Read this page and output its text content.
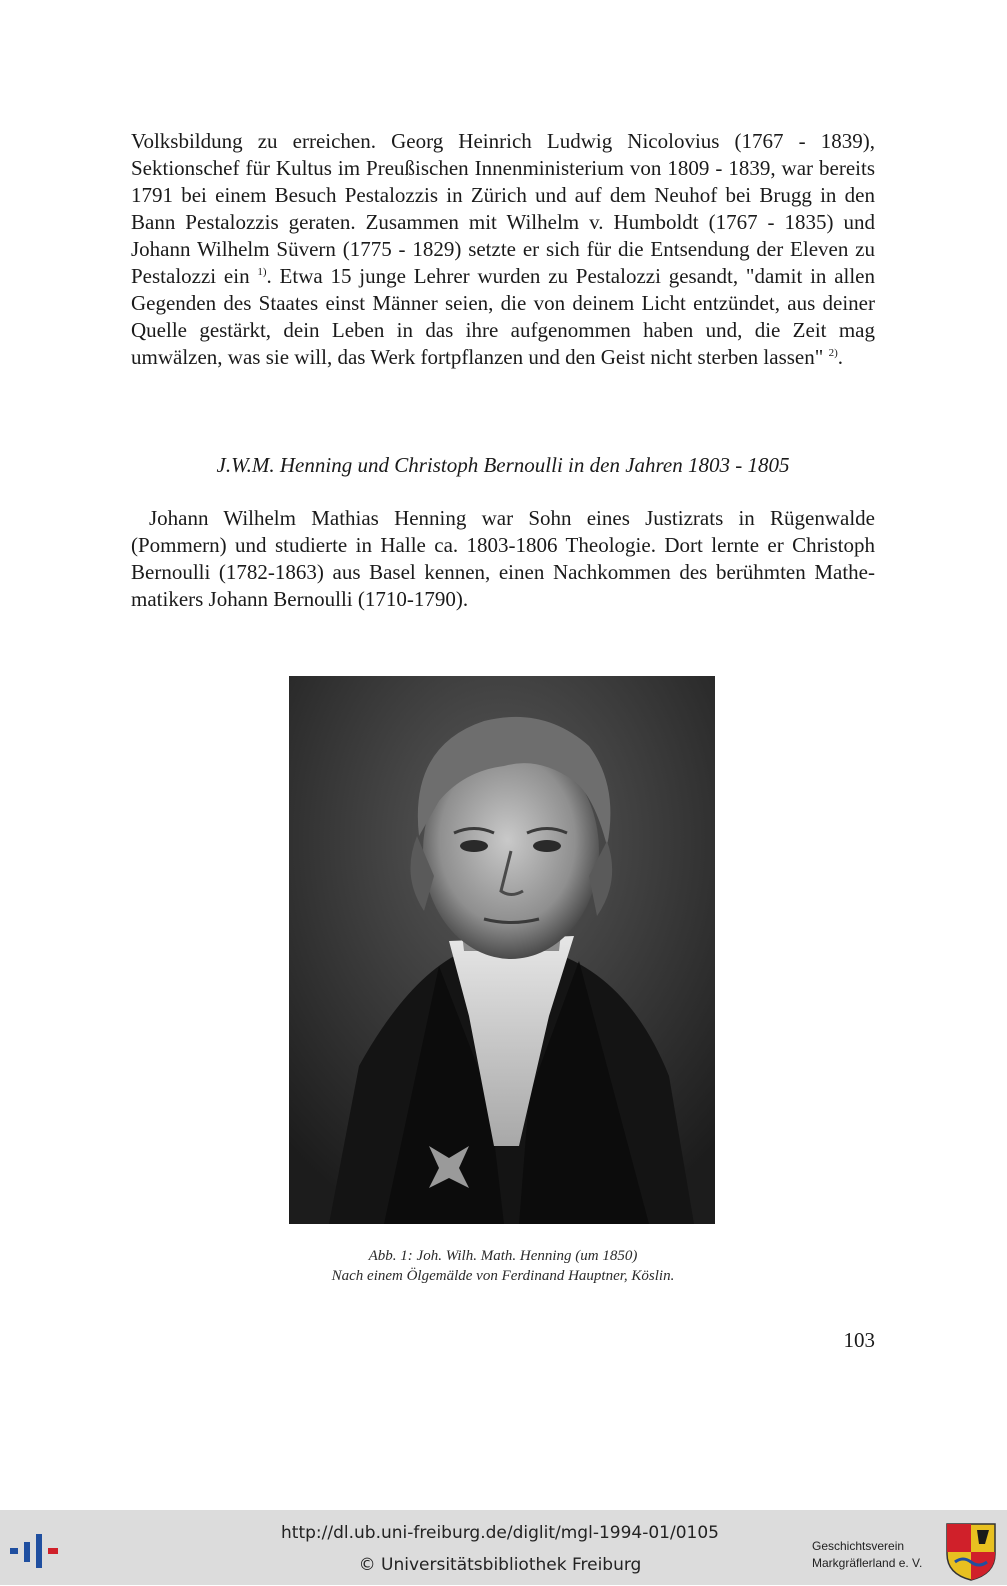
Volksbildung zu erreichen. Georg Heinrich Ludwig Nicolovius (1767 - 1839), Sektionschef für Kultus im Preußischen Innenministerium von 1809 - 1839, war bereits 1791 bei einem Besuch Pestalozzis in Zürich und auf dem Neuhof bei Brugg in den Bann Pestalozzis geraten. Zusammen mit Wilhelm v. Humboldt (1767 - 1835) und Johann Wilhelm Süvern (1775 - 1829) setzte er sich für die Entsendung der Eleven zu Pestalozzi ein $^{1)}$. Etwa 15 junge Lehrer wurden zu Pestalozzi gesandt, "damit in allen Gegenden des Staates einst Männer seien, die von deinem Licht entzündet, aus deiner Quelle gestärkt, dein Leben in das ihre aufgenommen haben und, die Zeit mag umwälzen, was sie will, das Werk fortpflanzen und den Geist nicht sterben lassen" $^{2)}$.

J.W.M. Henning und Christoph Bernoulli in den Jahren 1803 - 1805

Johann Wilhelm Mathias Henning war Sohn eines Justizrats in Rügenwalde (Pommern) und studierte in Halle ca. 1803-1806 Theologie. Dort lernte er Christoph Bernoulli (1782-1863) aus Basel kennen, einen Nachkommen des berühmten Mathematikers Johann Bernoulli (1710-1790).

Abb. 1: Joh. Wilh. Math. Henning (um 1850)
Nach einem Ölgemälde von Ferdinand Hauptner, Köslin.
103
http://dl.ub.uni-freiburg.de/diglit/mgl-1994-01/0105
© Universitätsbibliothek Freiburg
Geschichtsverein
Markgräflerland e. V.
